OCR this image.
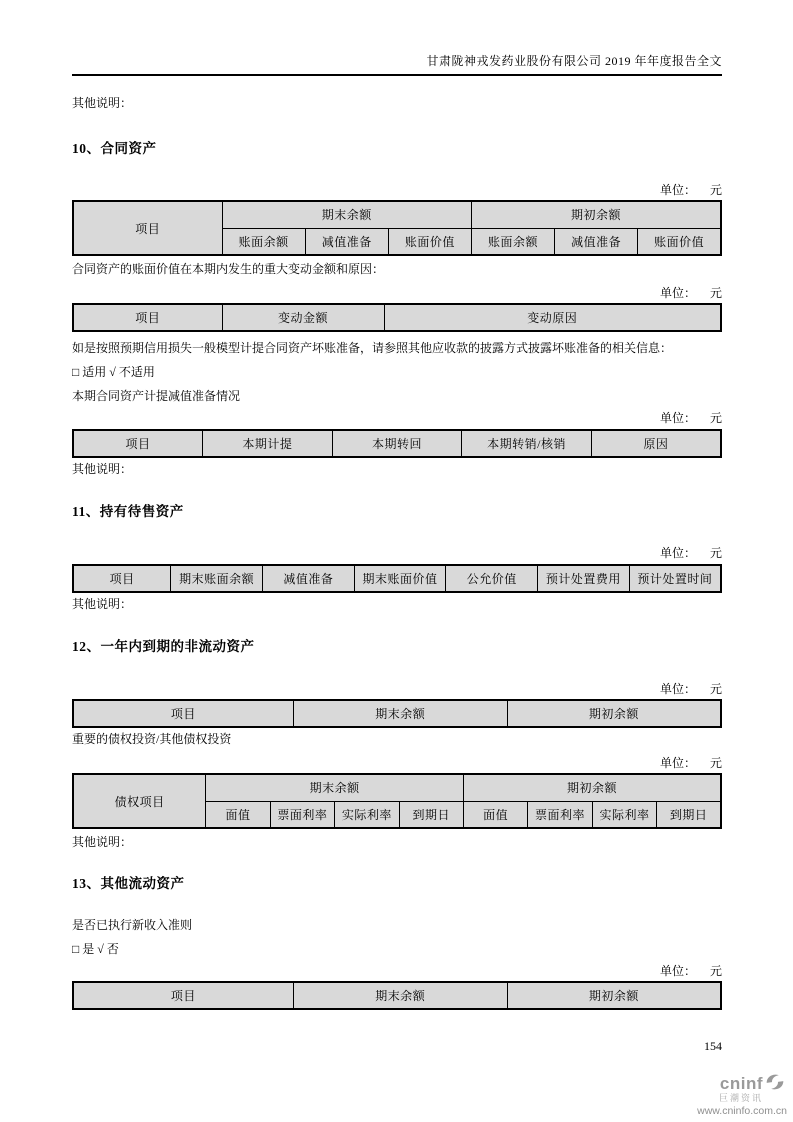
甘肃陇神戎发药业股份有限公司 2019 年年度报告全文
其他说明：
10、合同资产
单位： 元
项目	期末余额			期初余额		
	账面余额	减值准备	账面价值	账面余额	减值准备	账面价值
合同资产的账面价值在本期内发生的重大变动金额和原因：
单位： 元
项目	变动金额	变动原因
如是按照预期信用损失一般模型计提合同资产坏账准备，请参照其他应收款的披露方式披露坏账准备的相关信息：
□ 适用 √ 不适用
本期合同资产计提减值准备情况
单位： 元
项目	本期计提	本期转回	本期转销/核销	原因
其他说明：
11、持有待售资产
单位： 元
项目	期末账面余额	减值准备	期末账面价值	公允价值	预计处置费用	预计处置时间
其他说明：
12、一年内到期的非流动资产
单位： 元
项目	期末余额	期初余额
重要的债权投资/其他债权投资
单位： 元
债权项目	期末余额				期初余额			
	面值	票面利率	实际利率	到期日	面值	票面利率	实际利率	到期日
其他说明：
13、其他流动资产
是否已执行新收入准则
□ 是 √ 否
单位： 元
项目	期末余额	期初余额
154
cninf
巨潮资讯
www.cninfo.com.cn
